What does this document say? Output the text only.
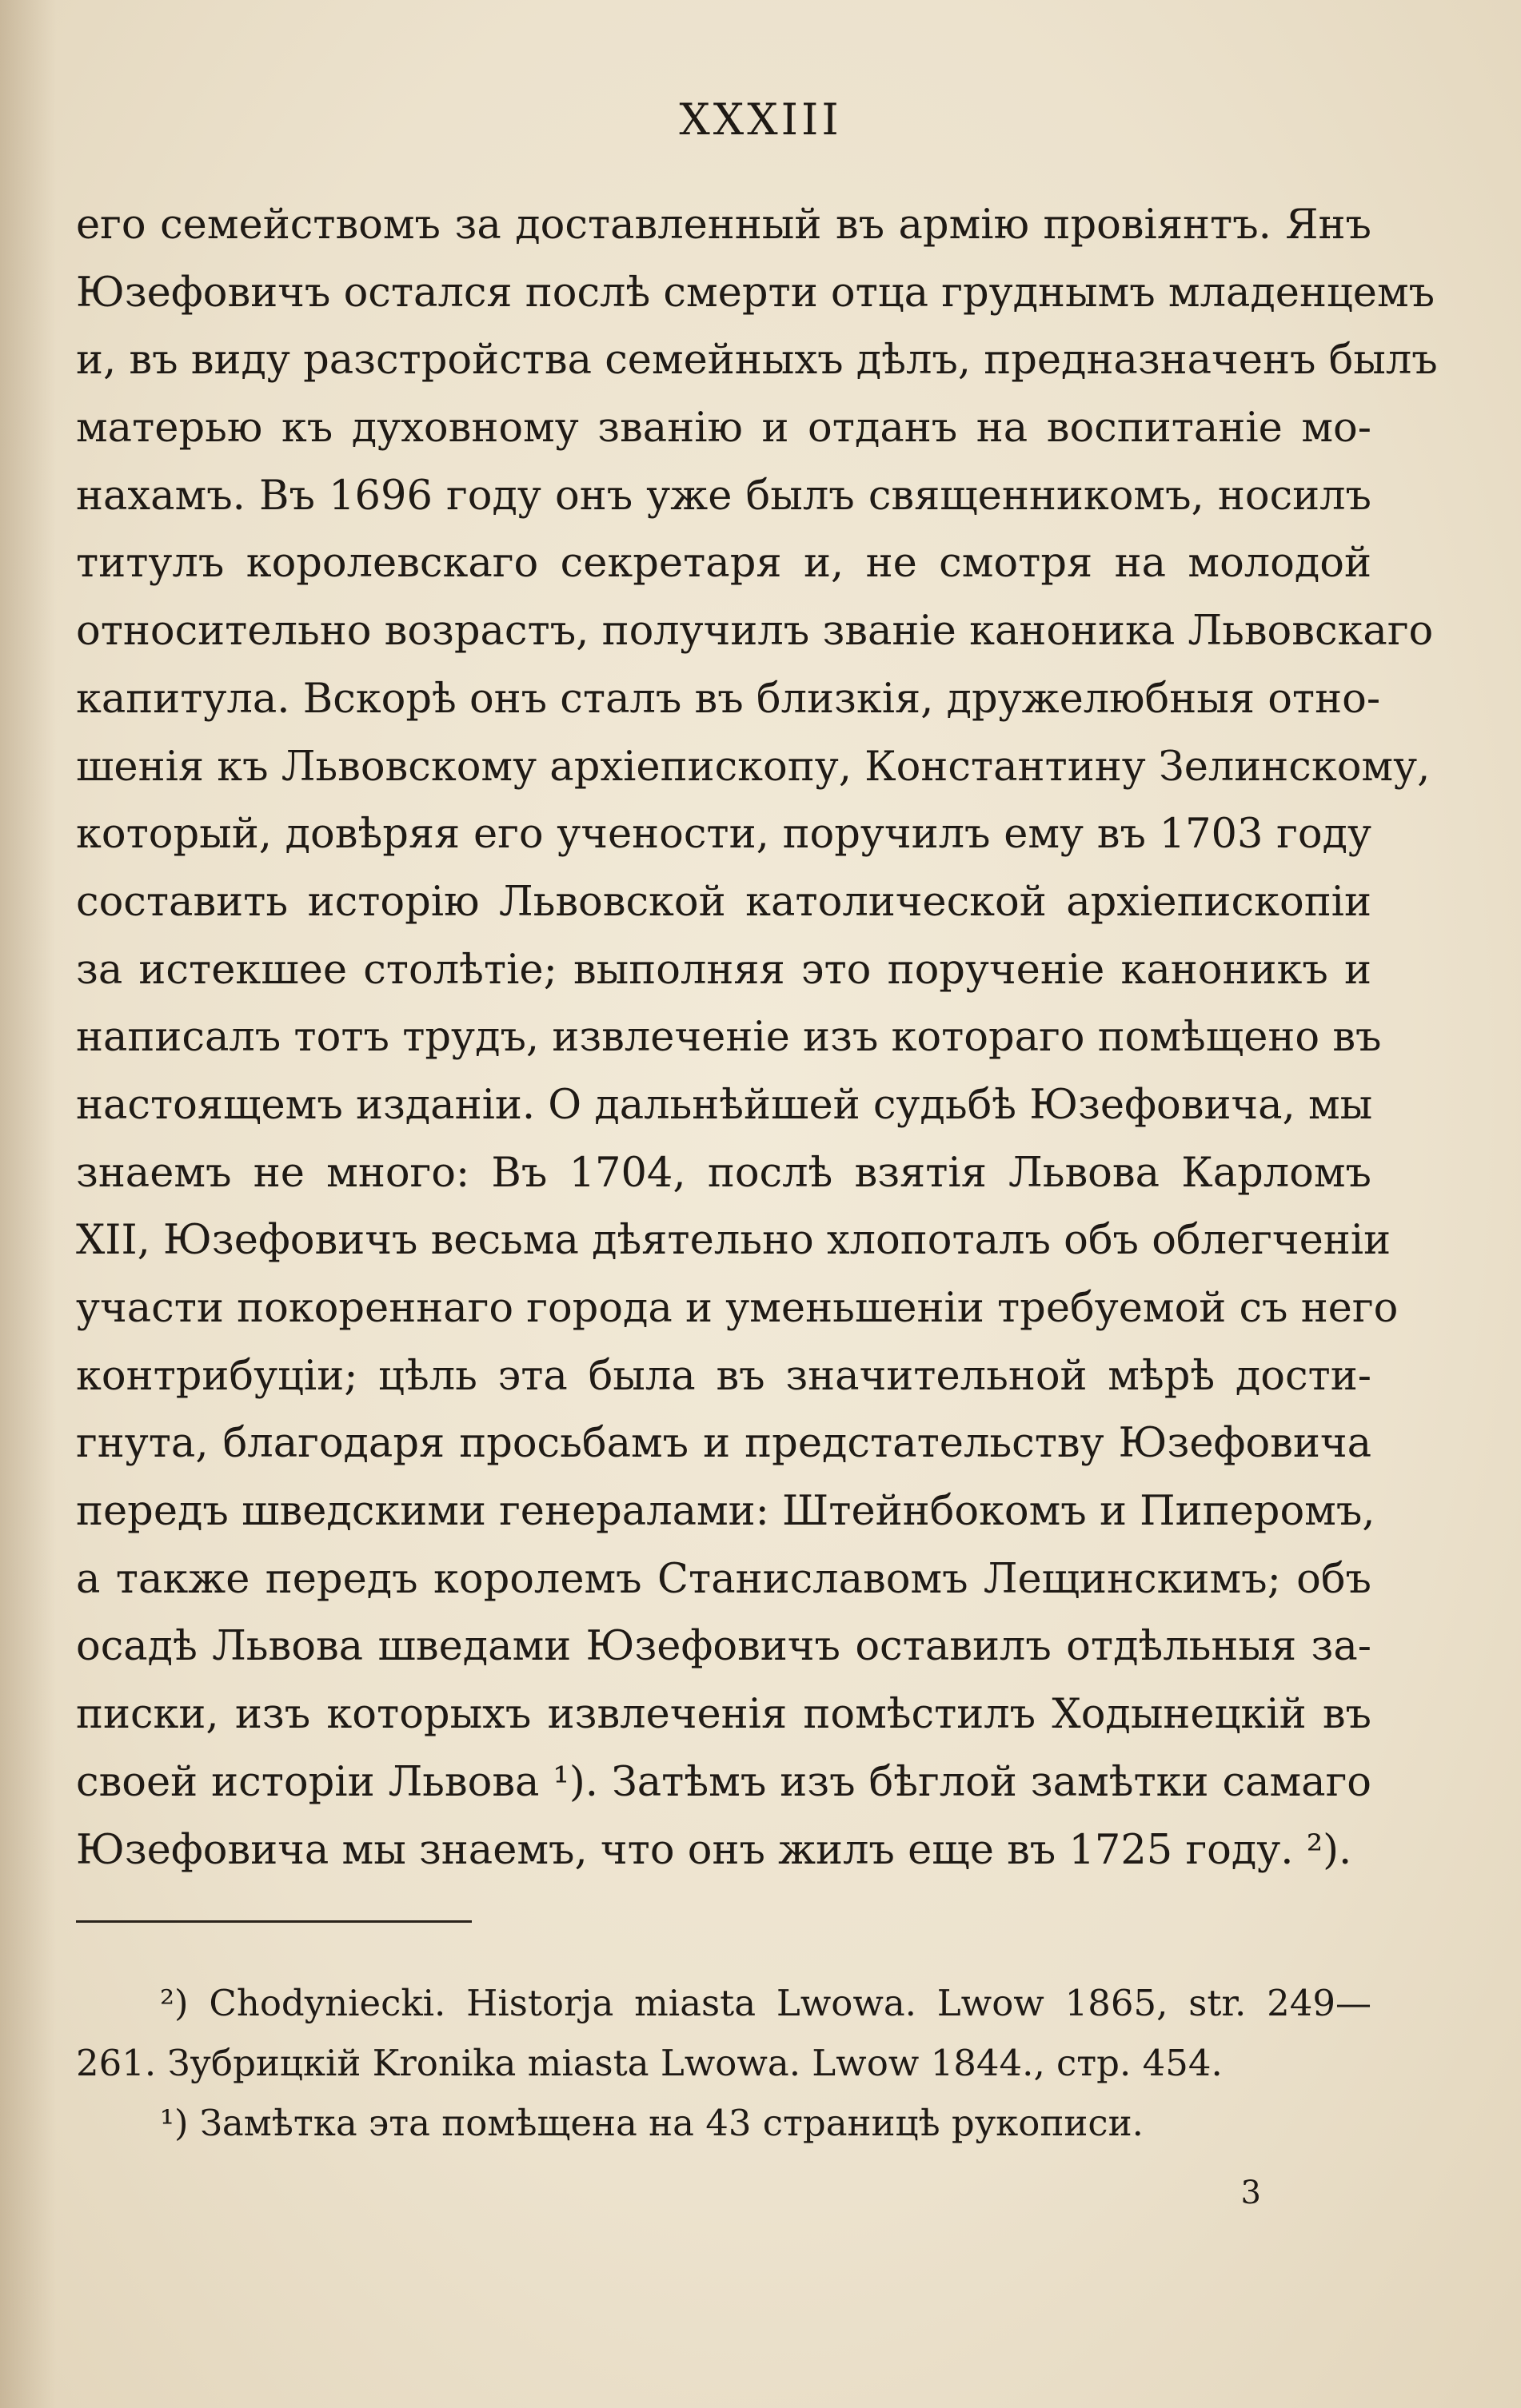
XXXIII
его семействомъ за доставленный въ армію провіянтъ. Янъ
Юзефовичъ остался послѣ смерти отца груднымъ младенцемъ
и, въ виду разстройства семейныхъ дѣлъ, предназначенъ былъ
матерью къ духовному званію и отданъ на воспитаніе мо-
нахамъ. Въ 1696 году онъ уже былъ священникомъ, носилъ
титулъ королевскаго секретаря и, не смотря на молодой
относительно возрастъ, получилъ званіе каноника Львовскаго
капитула. Вскорѣ онъ сталъ въ близкія, дружелюбныя отно-
шенія къ Львовскому архіепископу, Константину Зелинскому,
который, довѣряя его учености, поручилъ ему въ 1703 году
составить исторію Львовской католической архіепископіи
за истекшее столѣтіе; выполняя это порученіе каноникъ и
написалъ тотъ трудъ, извлеченіе изъ котораго помѣщено въ
настоящемъ изданіи. О дальнѣйшей судьбѣ Юзефовича, мы
знаемъ не много: Въ 1704, послѣ взятія Львова Карломъ
XII, Юзефовичъ весьма дѣятельно хлопоталъ объ облегченіи
участи покореннаго города и уменьшеніи требуемой съ него
контрибуціи; цѣль эта была въ значительной мѣрѣ дости-
гнута, благодаря просьбамъ и предстательству Юзефовича
передъ шведскими генералами: Штейнбокомъ и Пиперомъ,
а также передъ королемъ Станиславомъ Лещинскимъ; объ
осадѣ Львова шведами Юзефовичъ оставилъ отдѣльныя за-
писки, изъ которыхъ извлеченія помѣстилъ Ходынецкій въ
своей исторіи Львова ¹). Затѣмъ изъ бѣглой замѣтки самаго
Юзефовича мы знаемъ, что онъ жилъ еще въ 1725 году. ²).
²) Chodyniecki. Historja miasta Lwowa. Lwow 1865, str. 249—
261. Зубрицкій Kronika miasta Lwowa. Lwow 1844., стр. 454.
¹) Замѣтка эта помѣщена на 43 страницѣ рукописи.
3
